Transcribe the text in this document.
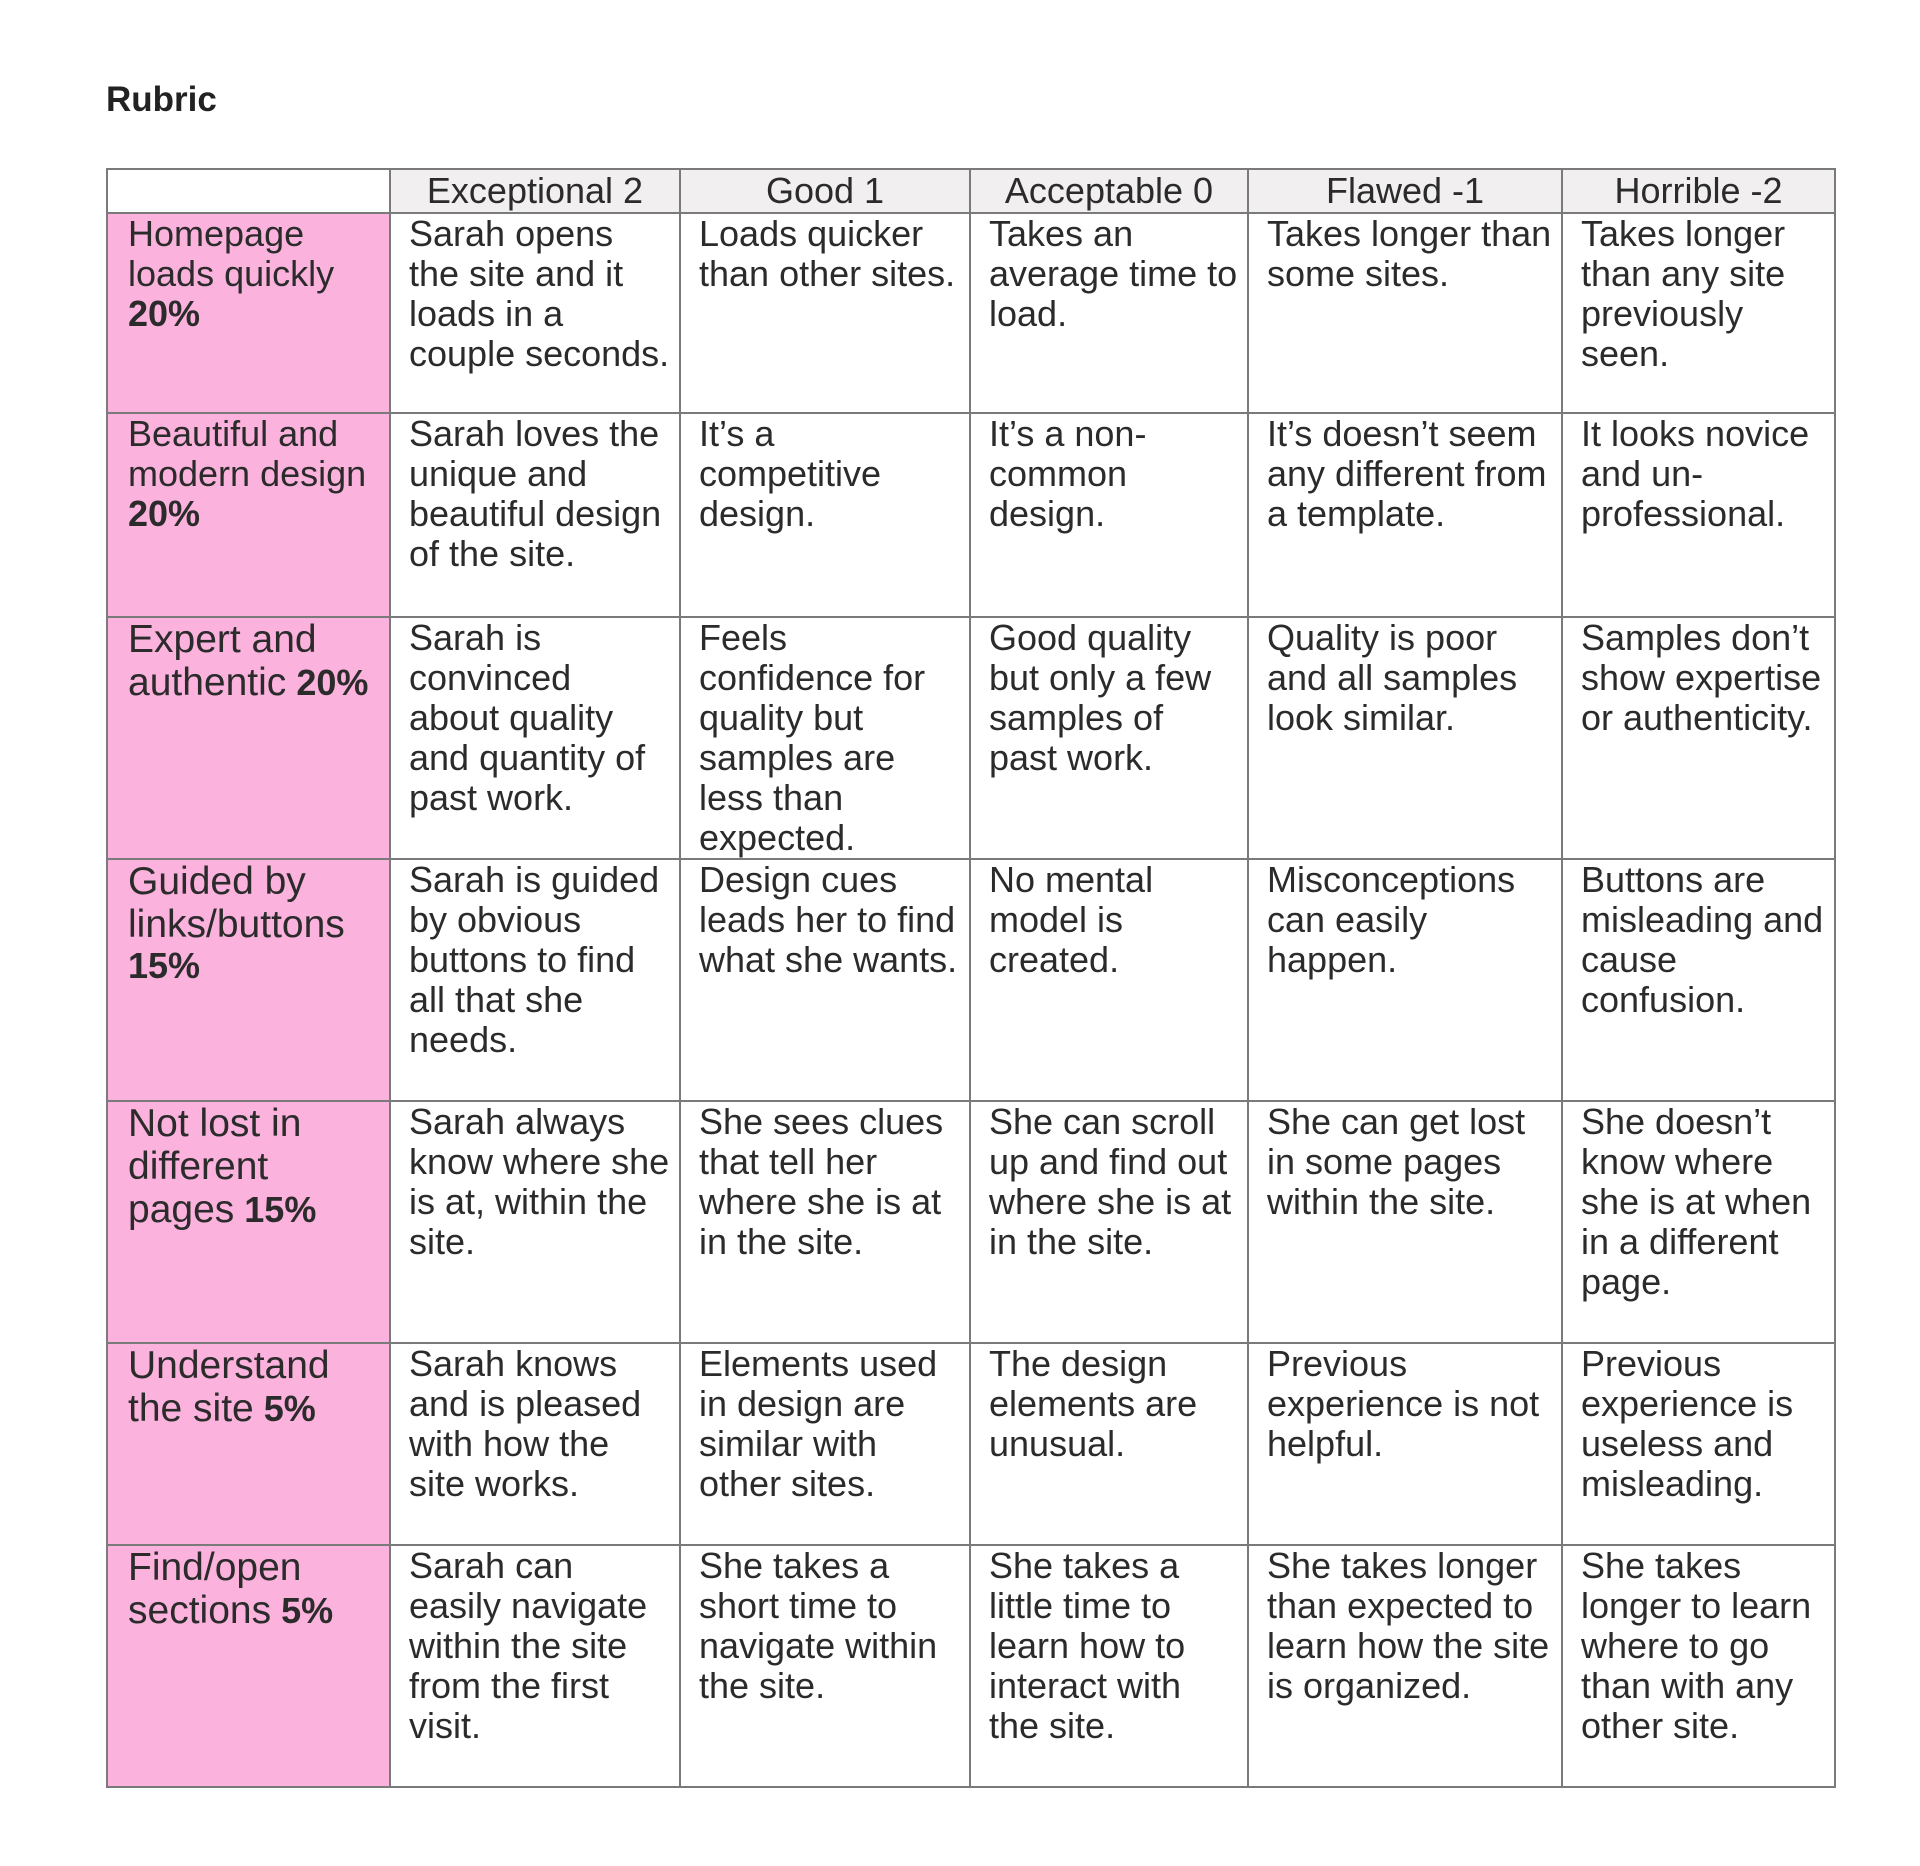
Rubric
	Exceptional 2	Good 1	Acceptable 0	Flawed -1	Horrible -2
Homepage loads quickly 20%	Sarah opens the site and it loads in a couple seconds.	Loads quicker than other sites.	Takes an average time to load.	Takes longer than some sites.	Takes longer than any site previously seen.
Beautiful and modern design 20%	Sarah loves the unique and beautiful design of the site.	It’s a competitive design.	It’s a non-common design.	It’s doesn’t seem any different from a template.	It looks novice and un-professional.
Expert and authentic 20%	Sarah is convinced about quality and quantity of past work.	Feels confidence for quality but samples are less than expected.	Good quality but only a few samples of past work.	Quality is poor and all samples look similar.	Samples don’t show expertise or authenticity.
Guided by links/buttons 15%	Sarah is guided by obvious buttons to find all that she needs.	Design cues leads her to find what she wants.	No mental model is created.	Misconceptions can easily happen.	Buttons are misleading and cause confusion.
Not lost in different pages 15%	Sarah always know where she is at, within the site.	She sees clues that tell her where she is at in the site.	She can scroll up and find out where she is at in the site.	She can get lost in some pages within the site.	She doesn’t know where she is at when in a different page.
Understand the site 5%	Sarah knows and is pleased with how the site works.	Elements used in design are similar with other sites.	The design elements are unusual.	Previous experience is not helpful.	Previous experience is useless and misleading.
Find/open sections 5%	Sarah can easily navigate within the site from the first visit.	She takes a short time to navigate within the site.	She takes a little time to learn how to interact with the site.	She takes longer than expected to learn how the site is organized.	She takes longer to learn where to go than with any other site.
